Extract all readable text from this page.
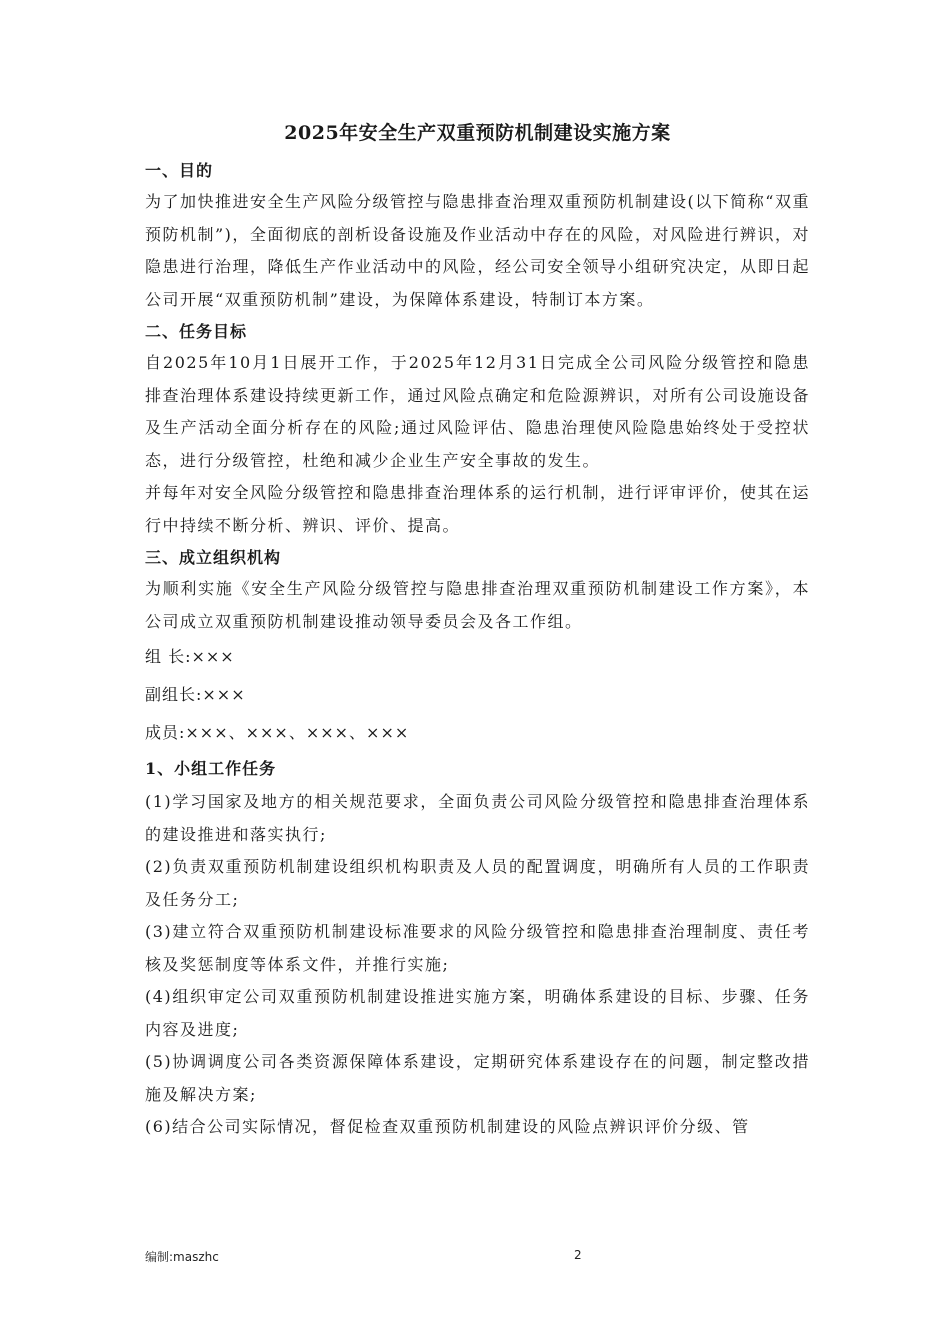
2025年安全生产双重预防机制建设实施方案

一、目的

为了加快推进安全生产风险分级管控与隐患排查治理双重预防机制建设(以下简称“双重预防机制”)，全面彻底的剖析设备设施及作业活动中存在的风险，对风险进行辨识，对隐患进行治理，降低生产作业活动中的风险，经公司安全领导小组研究决定，从即日起公司开展“双重预防机制”建设，为保障体系建设，特制订本方案。

二、任务目标

自2025年10月1日展开工作，于2025年12月31日完成全公司风险分级管控和隐患排查治理体系建设持续更新工作，通过风险点确定和危险源辨识，对所有公司设施设备及生产活动全面分析存在的风险;通过风险评估、隐患治理使风险隐患始终处于受控状态，进行分级管控，杜绝和减少企业生产安全事故的发生。

并每年对安全风险分级管控和隐患排查治理体系的运行机制，进行评审评价，使其在运行中持续不断分析、辨识、评价、提高。

三、成立组织机构

为顺利实施《安全生产风险分级管控与隐患排查治理双重预防机制建设工作方案》，本公司成立双重预防机制建设推动领导委员会及各工作组。

组 长:×××

副组长:×××

成员:×××、×××、×××、×××

1、小组工作任务

(1)学习国家及地方的相关规范要求，全面负责公司风险分级管控和隐患排查治理体系的建设推进和落实执行;

(2)负责双重预防机制建设组织机构职责及人员的配置调度，明确所有人员的工作职责及任务分工;

(3)建立符合双重预防机制建设标准要求的风险分级管控和隐患排查治理制度、责任考核及奖惩制度等体系文件，并推行实施;

(4)组织审定公司双重预防机制建设推进实施方案，明确体系建设的目标、步骤、任务内容及进度;

(5)协调调度公司各类资源保障体系建设，定期研究体系建设存在的问题，制定整改措施及解决方案;

(6)结合公司实际情况，督促检查双重预防机制建设的风险点辨识评价分级、管

编制:maszhc	2
